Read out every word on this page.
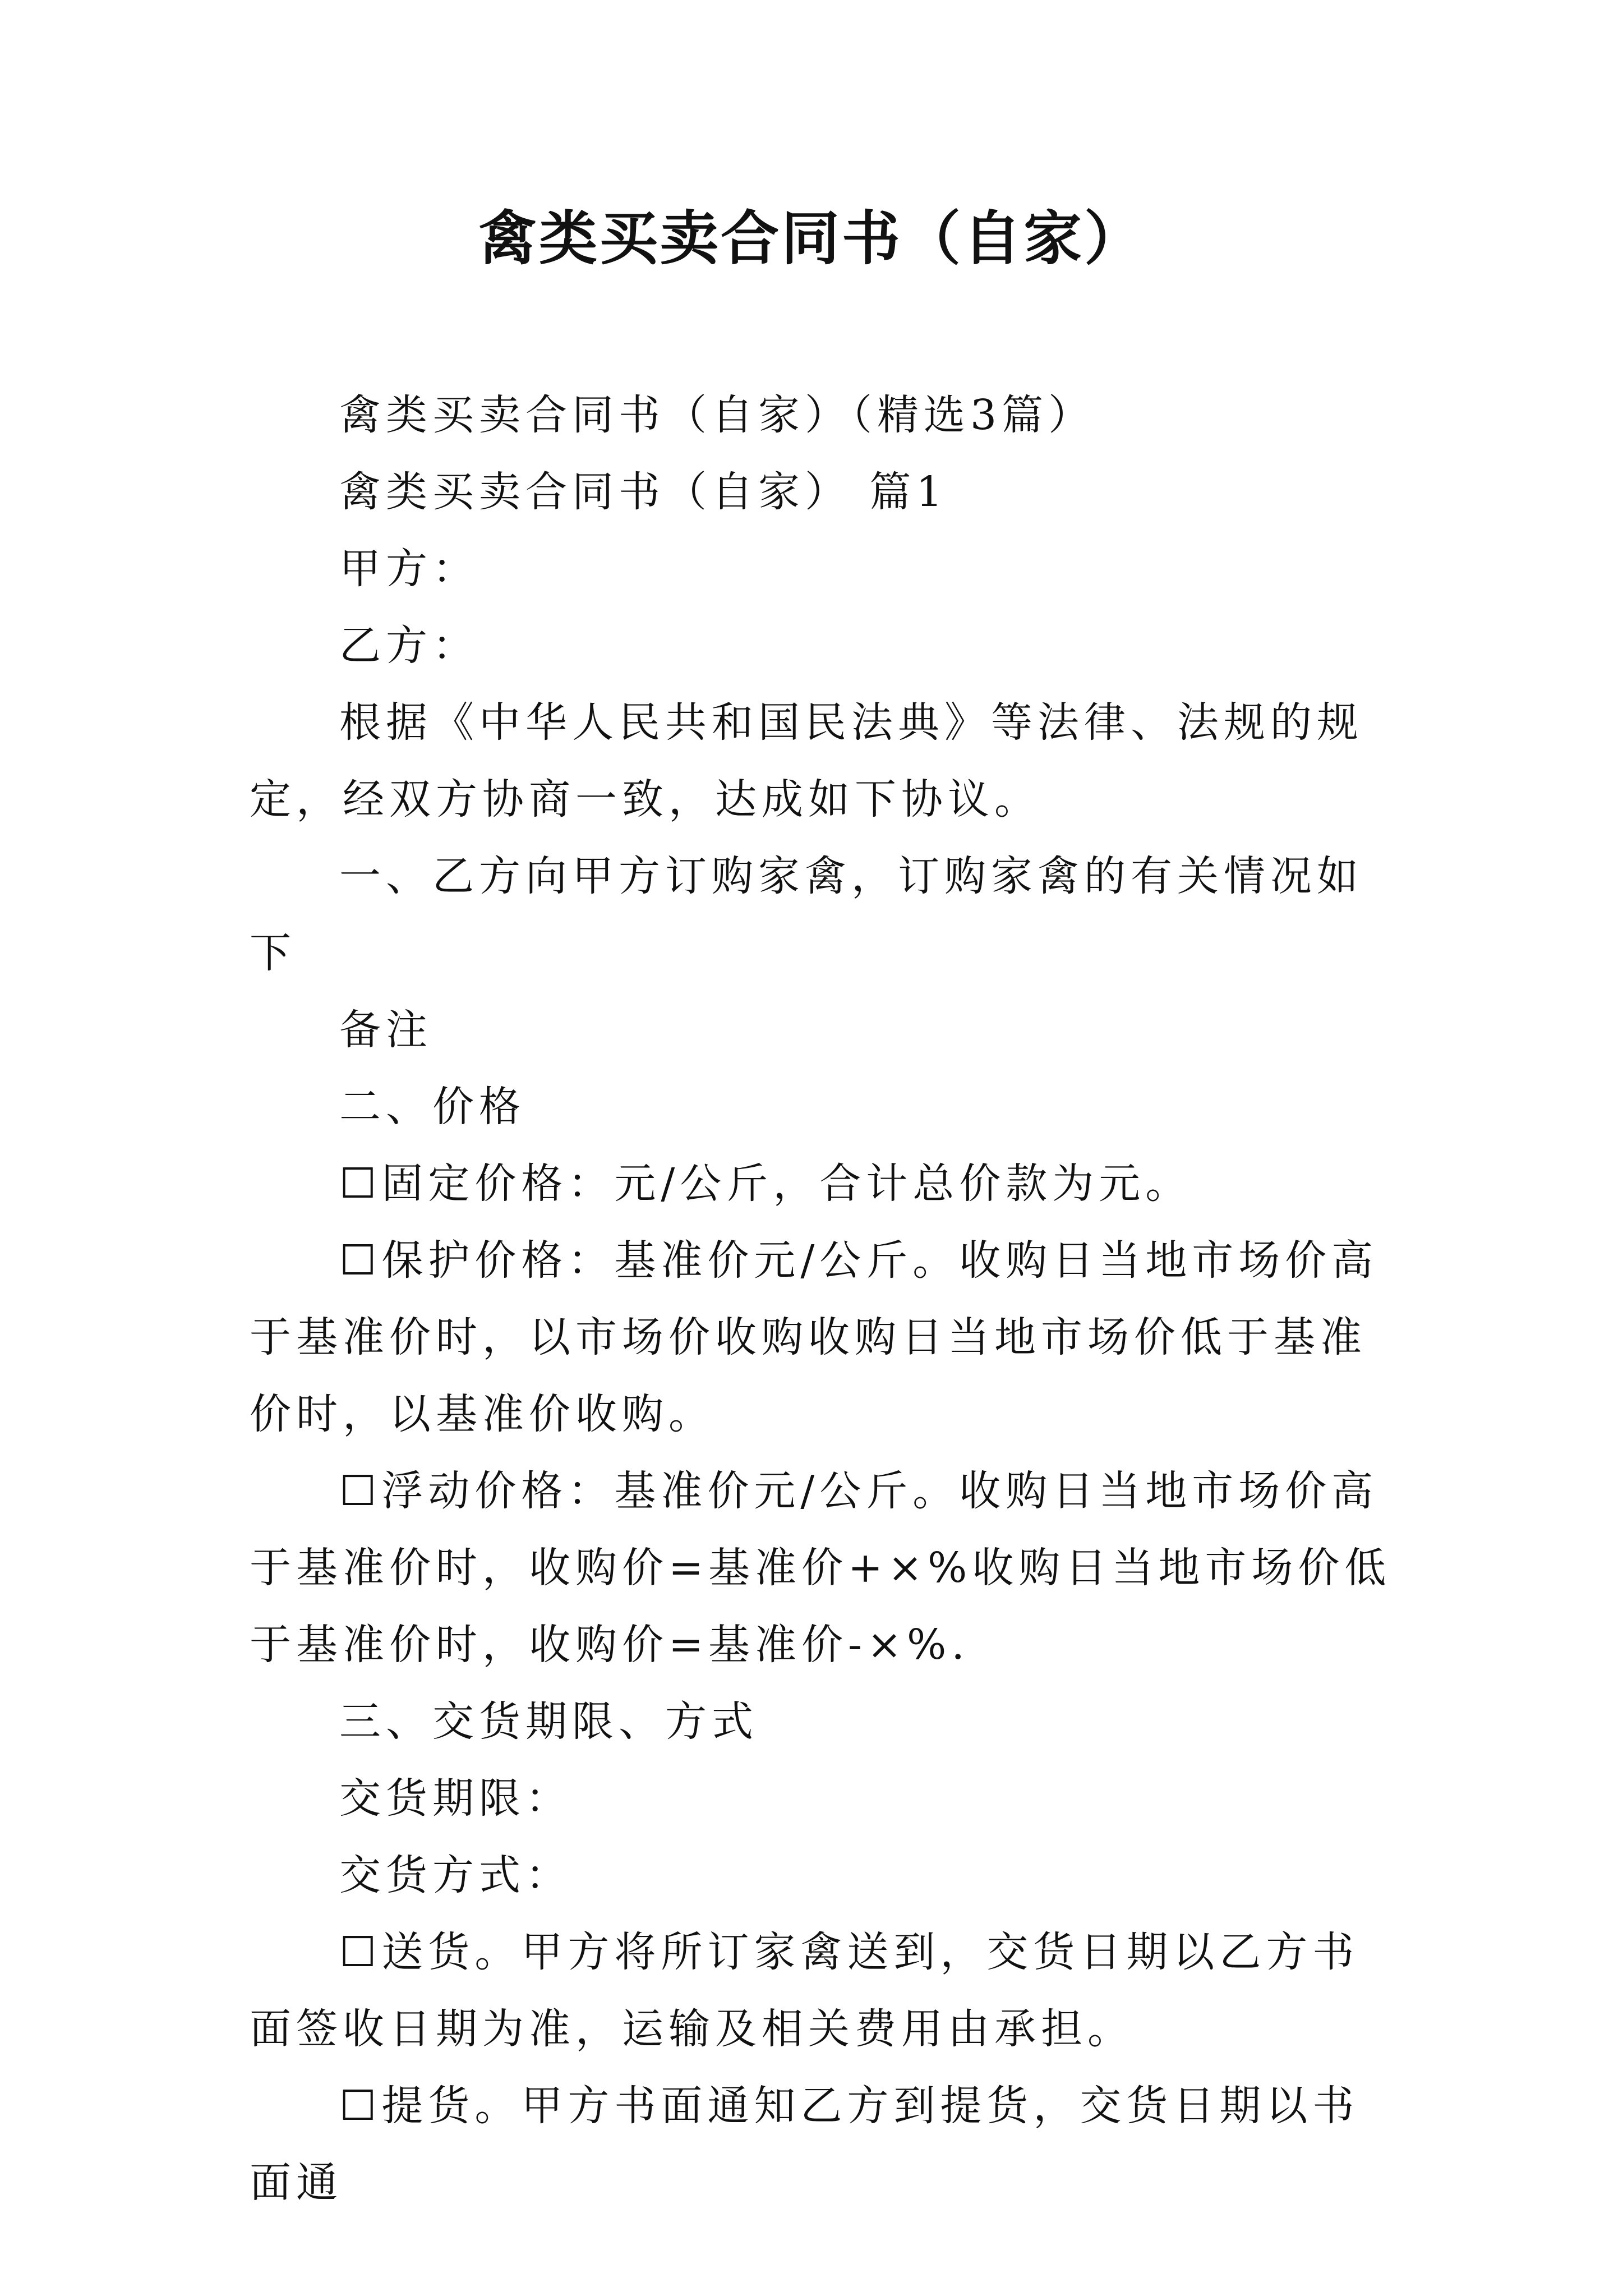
禽类买卖合同书（自家）

禽类买卖合同书（自家）（精选3篇）

禽类买卖合同书（自家） 篇1

甲方：

乙方：

根据《中华人民共和国民法典》等法律、法规的规定，经双方协商一致，达成如下协议。

一、乙方向甲方订购家禽，订购家禽的有关情况如下

备注

二、价格

☐固定价格：元/公斤，合计总价款为元。

☐保护价格：基准价元/公斤。收购日当地市场价高于基准价时，以市场价收购收购日当地市场价低于基准价时，以基准价收购。

☐浮动价格：基准价元/公斤。收购日当地市场价高于基准价时，收购价=基准价+×%收购日当地市场价低于基准价时，收购价=基准价-×%.

三、交货期限、方式

交货期限：

交货方式：

☐送货。甲方将所订家禽送到，交货日期以乙方书面签收日期为准，运输及相关费用由承担。

☐提货。甲方书面通知乙方到提货，交货日期以书面通
